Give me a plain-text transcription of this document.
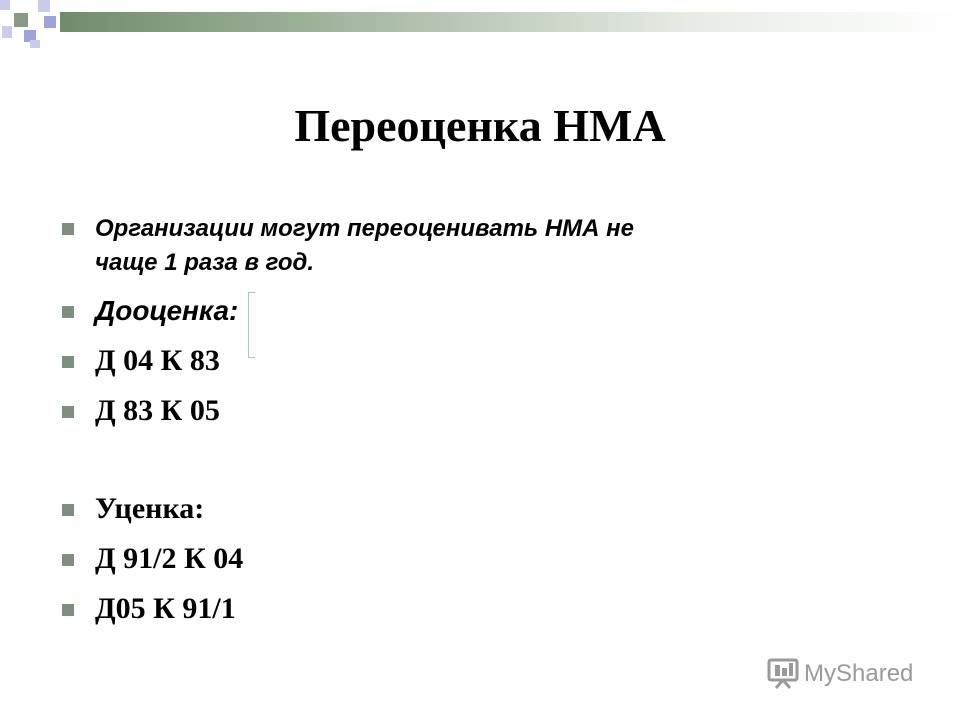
Переоценка НМА
Организации могут переоценивать НМА не
чаще 1 раза в год.
Дооценка:
Д 04 К 83
Д 83 К 05
Уценка:
Д 91/2 К 04
Д05 К 91/1
MyShared
